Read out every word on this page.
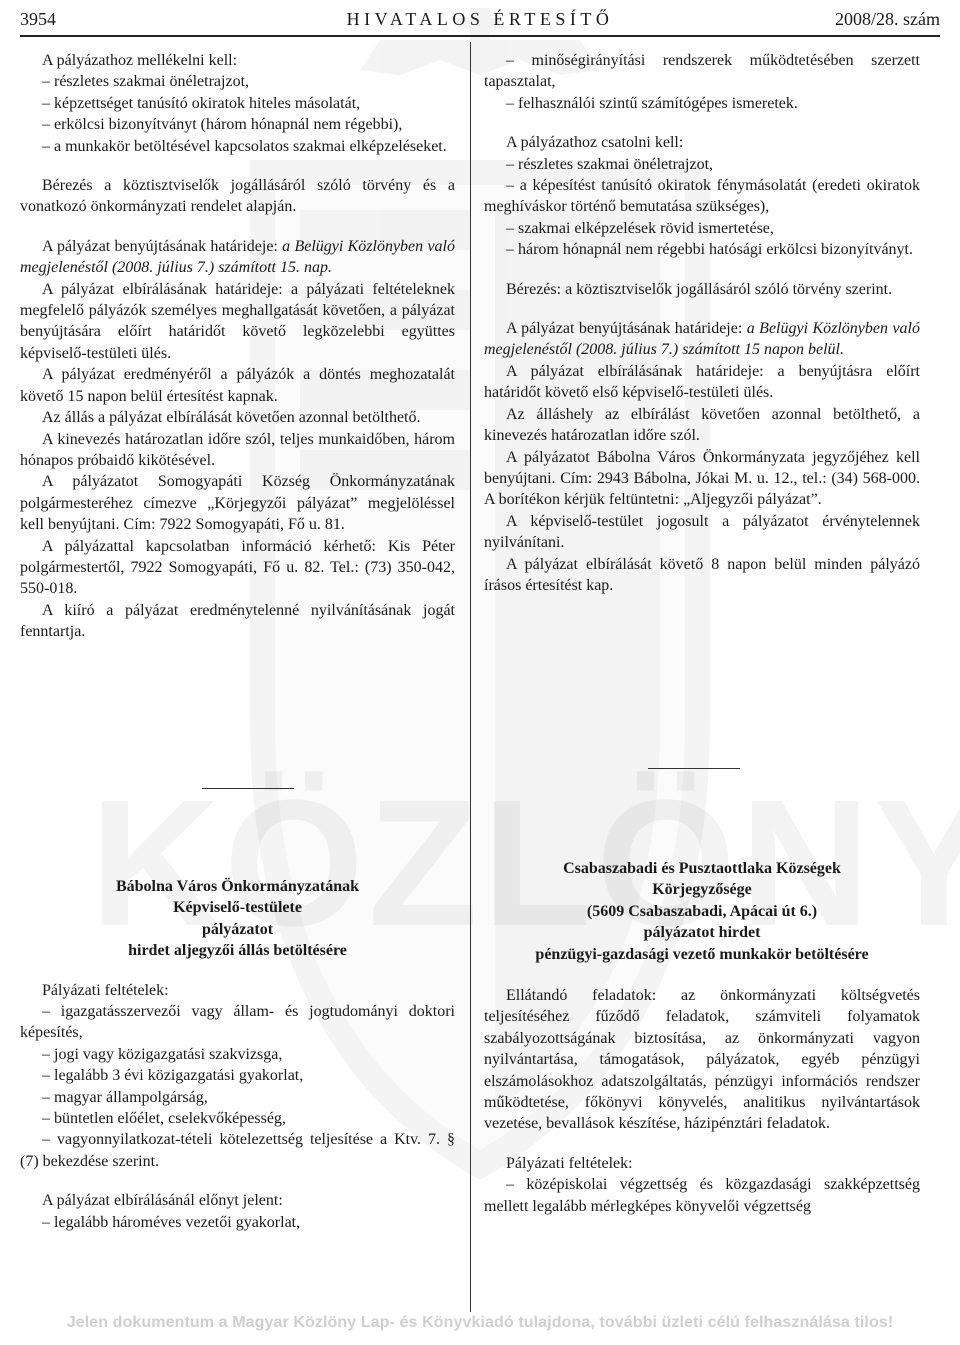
3954	HIVATALOS ÉRTESÍTŐ	2008/28. szám

A pályázathoz mellékelni kell:

– részletes szakmai önéletrajzot,

– képzettséget tanúsító okiratok hiteles másolatát,

– erkölcsi bizonyítványt (három hónapnál nem régebbi),

– a munkakör betöltésével kapcsolatos szakmai elképzeléseket.

Bérezés a köztisztviselők jogállásáról szóló törvény és a vonatkozó önkormányzati rendelet alapján.

A pályázat benyújtásának határideje: a Belügyi Közlönyben való megjelenéstől (2008. július 7.) számított 15. nap.

A pályázat elbírálásának határideje: a pályázati feltételeknek megfelelő pályázók személyes meghallgatását követően, a pályázat benyújtására előírt határidőt követő legközelebbi együttes képviselő-testületi ülés.

A pályázat eredményéről a pályázók a döntés meghozatalát követő 15 napon belül értesítést kapnak.

Az állás a pályázat elbírálását követően azonnal betölthető.

A kinevezés határozatlan időre szól, teljes munkaidőben, három hónapos próbaidő kikötésével.

A pályázatot Somogyapáti Község Önkormányzatának polgármesteréhez címezve „Körjegyzői pályázat” megjelöléssel kell benyújtani. Cím: 7922 Somogyapáti, Fő u. 81.

A pályázattal kapcsolatban információ kérhető: Kis Péter polgármestertől, 7922 Somogyapáti, Fő u. 82. Tel.: (73) 350-042, 550-018.

A kiíró a pályázat eredménytelenné nyilvánításának jogát fenntartja.

– minőségirányítási rendszerek működtetésében szerzett tapasztalat,

– felhasználói szintű számítógépes ismeretek.

A pályázathoz csatolni kell:

– részletes szakmai önéletrajzot,

– a képesítést tanúsító okiratok fénymásolatát (eredeti okiratok meghíváskor történő bemutatása szükséges),

– szakmai elképzelések rövid ismertetése,

– három hónapnál nem régebbi hatósági erkölcsi bizonyítványt.

Bérezés: a köztisztviselők jogállásáról szóló törvény szerint.

A pályázat benyújtásának határideje: a Belügyi Közlönyben való megjelenéstől (2008. július 7.) számított 15 napon belül.

A pályázat elbírálásának határideje: a benyújtásra előírt határidőt követő első képviselő-testületi ülés.

Az álláshely az elbírálást követően azonnal betölthető, a kinevezés határozatlan időre szól.

A pályázatot Bábolna Város Önkormányzata jegyzőjéhez kell benyújtani. Cím: 2943 Bábolna, Jókai M. u. 12., tel.: (34) 568-000. A borítékon kérjük feltüntetni: „Aljegyzői pályázat”.

A képviselő-testület jogosult a pályázatot érvénytelennek nyilvánítani.

A pályázat elbírálását követő 8 napon belül minden pályázó írásos értesítést kap.

Bábolna Város Önkormányzatának
Képviselő-testülete
pályázatot
hirdet aljegyzői állás betöltésére

Pályázati feltételek:

– igazgatásszervezői vagy állam- és jogtudományi doktori képesítés,

– jogi vagy közigazgatási szakvizsga,

– legalább 3 évi közigazgatási gyakorlat,

– magyar állampolgárság,

– büntetlen előélet, cselekvőképesség,

– vagyonnyilatkozat-tételi kötelezettség teljesítése a Ktv. 7. § (7) bekezdése szerint.

A pályázat elbírálásánál előnyt jelent:

– legalább hároméves vezetői gyakorlat,

Csabaszabadi és Pusztaottlaka Községek
Körjegyzősége
(5609 Csabaszabadi, Apácai út 6.)
pályázatot hirdet
pénzügyi-gazdasági vezető munkakör betöltésére

Ellátandó feladatok: az önkormányzati költségvetés teljesítéséhez fűződő feladatok, számviteli folyamatok szabályozottságának biztosítása, az önkormányzati vagyon nyilvántartása, támogatások, pályázatok, egyéb pénzügyi elszámolásokhoz adatszolgáltatás, pénzügyi információs rendszer működtetése, főkönyvi könyvelés, analitikus nyilvántartások vezetése, bevallások készítése, házipénztári feladatok.

Pályázati feltételek:

– középiskolai végzettség és közgazdasági szakképzettség mellett legalább mérlegképes könyvelői végzettség

Jelen dokumentum a Magyar Közlöny Lap- és Könyvkiadó tulajdona, további üzleti célú felhasználása tilos!
